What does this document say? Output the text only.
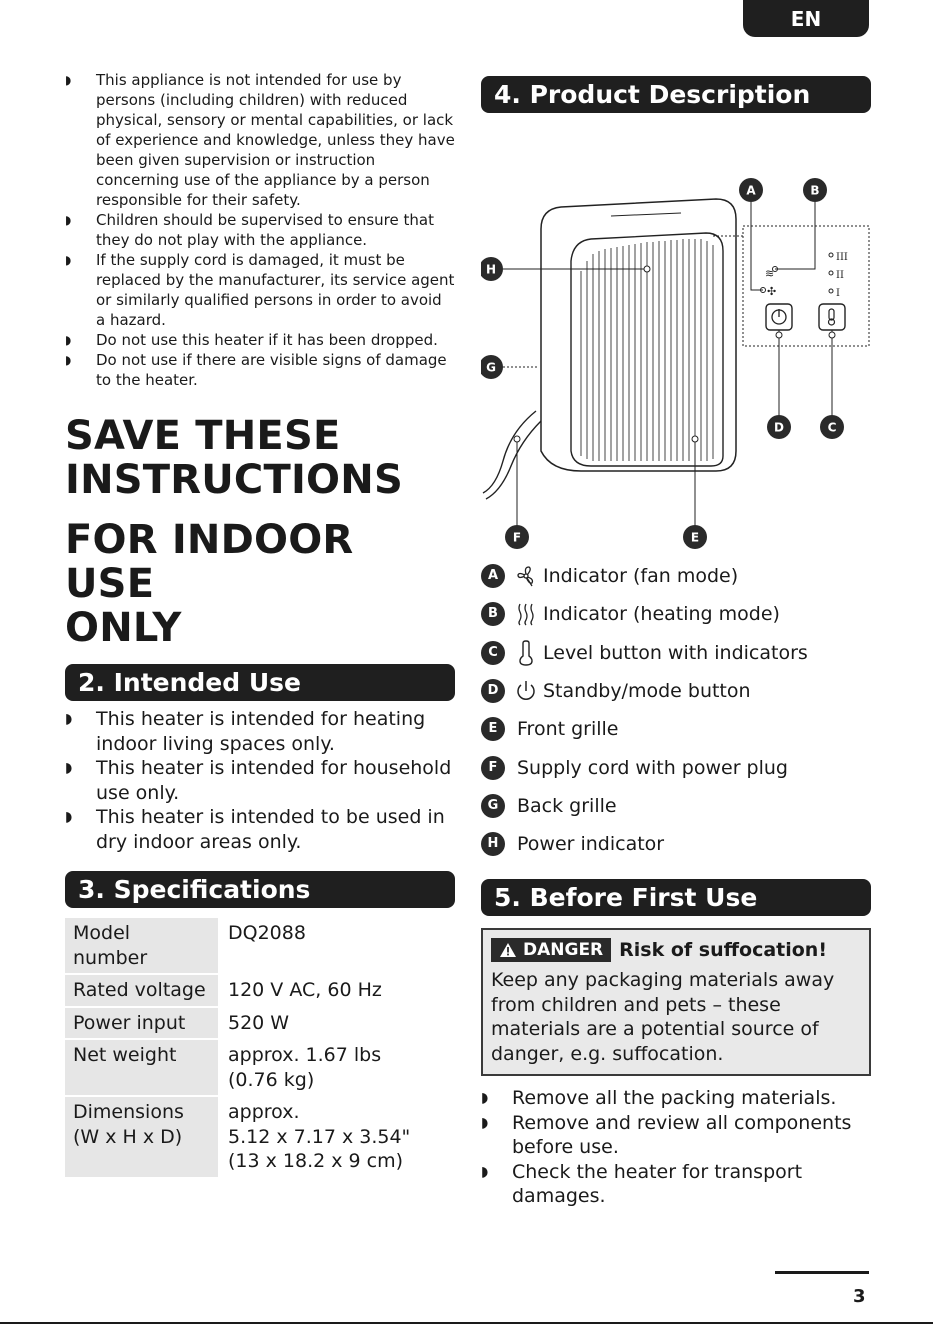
EN
◗ This appliance is not intended for use by persons (including children) with reduced physical, sensory or mental capabilities, or lack of experience and knowledge, unless they have been given supervision or instruction concerning use of the appliance by a person responsible for their safety.
◗ Children should be supervised to ensure that they do not play with the appliance.
◗ If the supply cord is damaged, it must be replaced by the manufacturer, its service agent or similarly qualified persons in order to avoid a hazard.
◗ Do not use this heater if it has been dropped.
◗ Do not use if there are visible signs of damage to the heater.
SAVE THESE
INSTRUCTIONS
FOR INDOOR USE
ONLY
2. Intended Use
◗ This heater is intended for heating indoor living spaces only.
◗ This heater is intended for household use only.
◗ This heater is intended to be used in dry indoor areas only.
3. Specifications
Model number	DQ2088
Rated voltage	120 V AC, 60 Hz
Power input	520 W
Net weight	approx. 1.67 lbs
(0.76 kg)
Dimensions
(W x H x D)	approx.
5.12 x 7.17 x 3.54"
(13 x 18.2 x 9 cm)
4. Product Description
III
II
I
≋
✣
A	B
C
D
E
F
G
H
A	Indicator (fan mode)
B	Indicator (heating mode)
C	Level button with indicators
D	Standby/mode button
E	Front grille
F	Supply cord with power plug
G Back grille
H Power indicator
5. Before First Use
DANGER Risk of suffocation!
Keep any packaging materials away from children and pets – these materials are a potential source of danger, e.g. suffocation.
◗ Remove all the packing materials.
◗ Remove and review all components before use.
◗ Check the heater for transport damages.
3
